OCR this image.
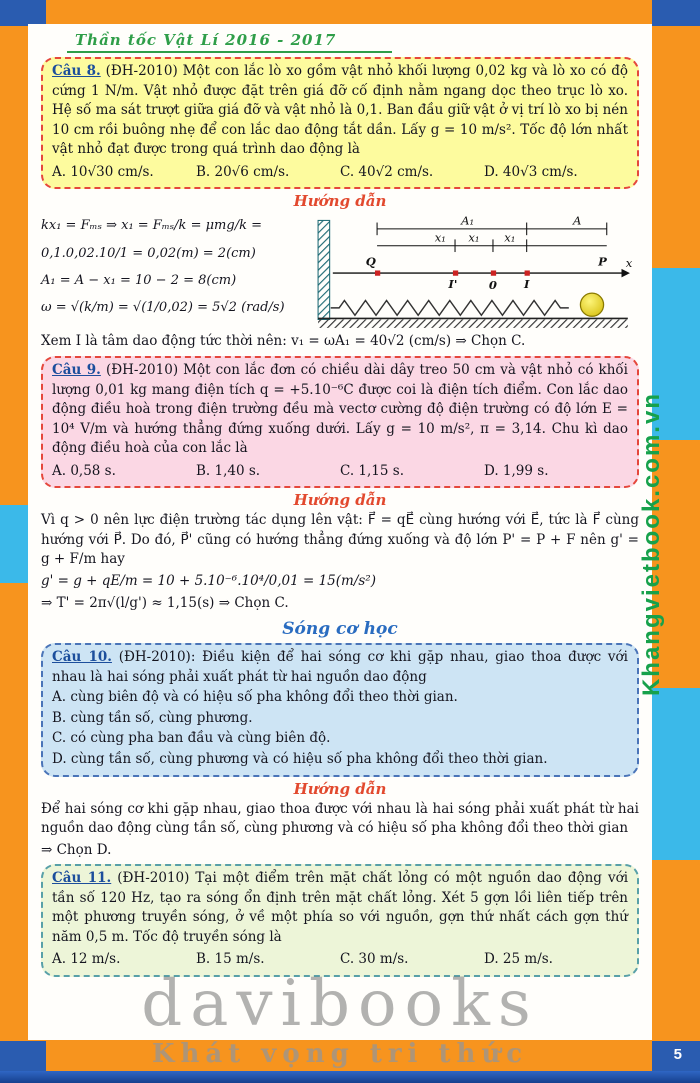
Thần tốc Vật Lí 2016 - 2017

Câu 8. (ĐH-2010) Một con lắc lò xo gồm vật nhỏ khối lượng 0,02 kg và lò xo có độ cứng 1 N/m. Vật nhỏ được đặt trên giá đỡ cố định nằm ngang dọc theo trục lò xo. Hệ số ma sát trượt giữa giá đỡ và vật nhỏ là 0,1. Ban đầu giữ vật ở vị trí lò xo bị nén 10 cm rồi buông nhẹ để con lắc dao động tắt dần. Lấy g = 10 m/s². Tốc độ lớn nhất vật nhỏ đạt được trong quá trình dao động là

A. 10√30 cm/s.	B. 20√6 cm/s.	C. 40√2 cm/s.	D. 40√3 cm/s.
Hướng dẫn
kx₁ = Fₘₛ ⇒ x₁ = Fₘₛ/k = μmg/k = 0,1.0,02.10/1 = 0,02(m) = 2(cm)
A₁ = A − x₁ = 10 − 2 = 8(cm)
ω = √(k/m) = √(1/0,02) = 5√2 (rad/s)
A₁	A
x₁ x₁ x₁
x
Q	P
I'	0 I

Xem I là tâm dao động tức thời nên: v₁ = ωA₁ = 40√2 (cm/s) ⇒ Chọn C.

Câu 9. (ĐH-2010) Một con lắc đơn có chiều dài dây treo 50 cm và vật nhỏ có khối lượng 0,01 kg mang điện tích q = +5.10⁻⁶C được coi là điện tích điểm. Con lắc dao động điều hoà trong điện trường đều mà vectơ cường độ điện trường có độ lớn E = 10⁴ V/m và hướng thẳng đứng xuống dưới. Lấy g = 10 m/s², π = 3,14. Chu kì dao động điều hoà của con lắc là

A. 0,58 s.	B. 1,40 s.	C. 1,15 s.	D. 1,99 s.
Hướng dẫn

Vì q > 0 nên lực điện trường tác dụng lên vật: F⃗ = qE⃗ cùng hướng với E⃗, tức là F⃗ cùng hướng với P⃗. Do đó, P⃗' cũng có hướng thẳng đứng xuống và độ lớn P' = P + F nên g' = g + F/m hay

g' = g + qE/m = 10 + 5.10⁻⁶.10⁴/0,01 = 15(m/s²)

⇒ T' = 2π√(l/g') ≈ 1,15(s) ⇒ Chọn C.

Sóng cơ học

Câu 10. (ĐH-2010): Điều kiện để hai sóng cơ khi gặp nhau, giao thoa được với nhau là hai sóng phải xuất phát từ hai nguồn dao động

A. cùng biên độ và có hiệu số pha không đổi theo thời gian.
B. cùng tần số, cùng phương.
C. có cùng pha ban đầu và cùng biên độ.
D. cùng tần số, cùng phương và có hiệu số pha không đổi theo thời gian.
Hướng dẫn

Để hai sóng cơ khi gặp nhau, giao thoa được với nhau là hai sóng phải xuất phát từ hai nguồn dao động cùng tần số, cùng phương và có hiệu số pha không đổi theo thời gian

⇒ Chọn D.

Câu 11. (ĐH-2010) Tại một điểm trên mặt chất lỏng có một nguồn dao động với tần số 120 Hz, tạo ra sóng ổn định trên mặt chất lỏng. Xét 5 gợn lồi liên tiếp trên một phương truyền sóng, ở về một phía so với nguồn, gợn thứ nhất cách gợn thứ năm 0,5 m. Tốc độ truyền sóng là

A. 12 m/s.	B. 15 m/s.	C. 30 m/s.	D. 25 m/s.
davibooks
Khát vọng tri thức
Khangvietbook.com.vn
5
